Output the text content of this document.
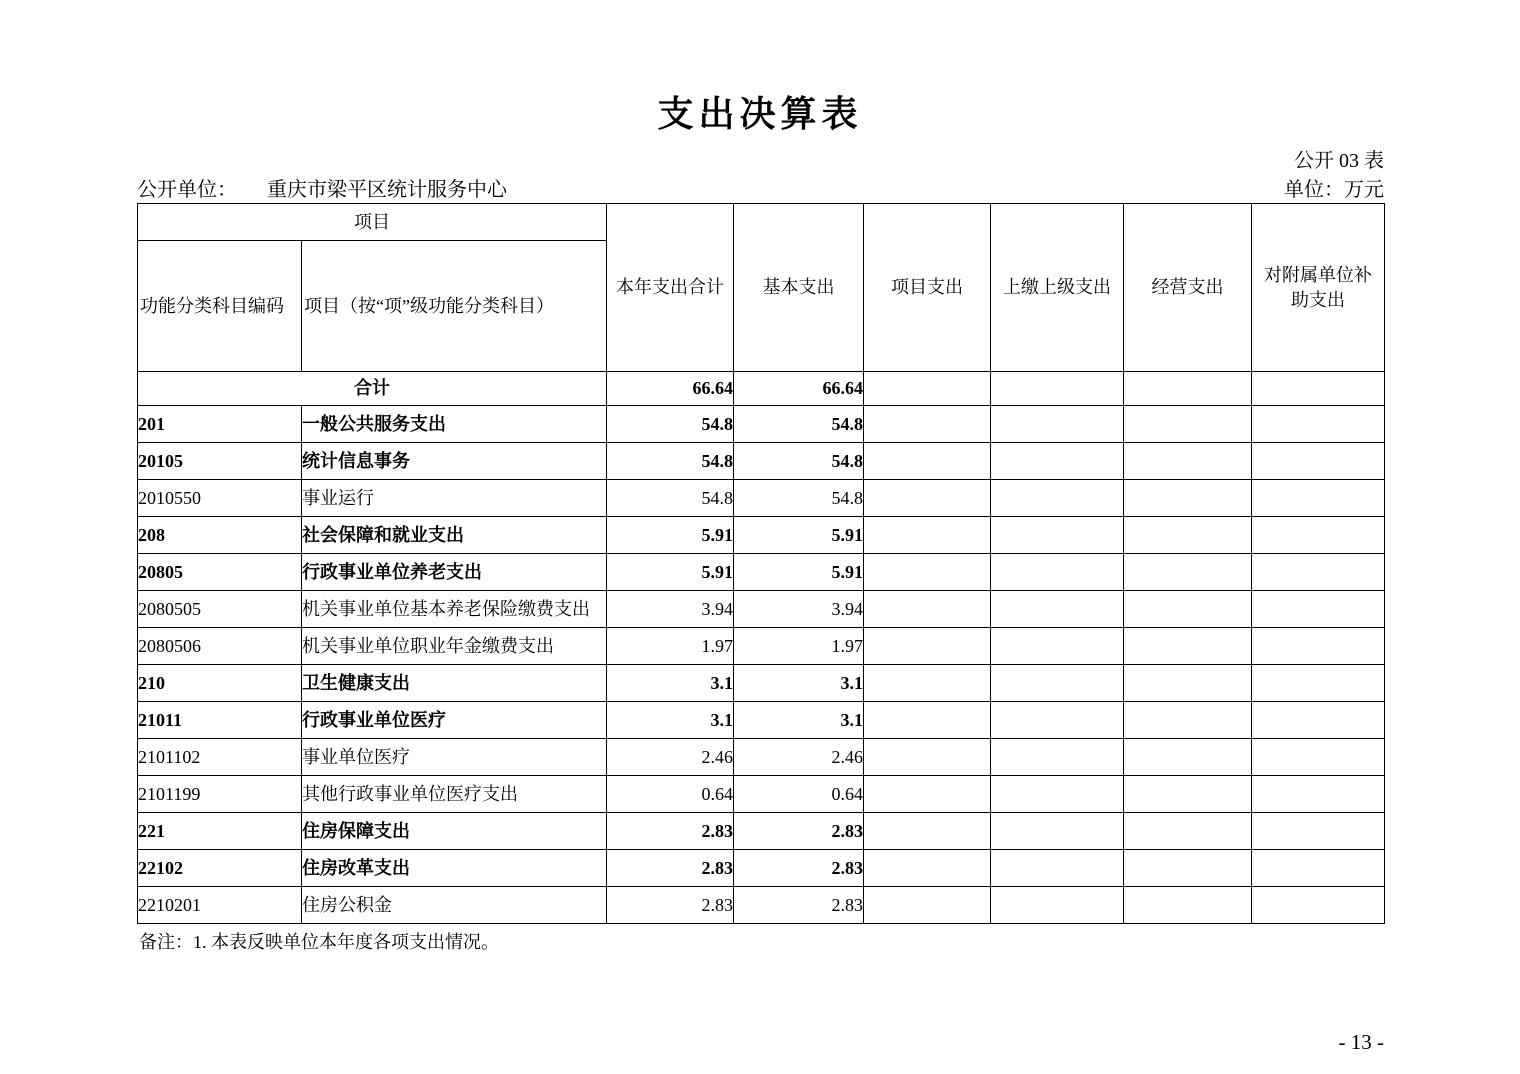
支出决算表
公开 03 表
公开单位： 重庆市梁平区统计服务中心	单位：万元
项目		本年支出合计	基本支出	项目支出	上缴上级支出	经营支出	对附属单位补助支出
功能分类科目编码	项目（按“项”级功能分类科目）						
合计		66.64	66.64				
201	一般公共服务支出	54.8	54.8				
20105	统计信息事务	54.8	54.8				
2010550	事业运行	54.8	54.8				
208	社会保障和就业支出	5.91	5.91				
20805	行政事业单位养老支出	5.91	5.91				
2080505	机关事业单位基本养老保险缴费支出	3.94	3.94				
2080506	机关事业单位职业年金缴费支出	1.97	1.97				
210	卫生健康支出	3.1	3.1				
21011	行政事业单位医疗	3.1	3.1				
2101102	事业单位医疗	2.46	2.46				
2101199	其他行政事业单位医疗支出	0.64	0.64				
221	住房保障支出	2.83	2.83				
22102	住房改革支出	2.83	2.83				
2210201	住房公积金	2.83	2.83				
备注：1. 本表反映单位本年度各项支出情况。
- 13 -
